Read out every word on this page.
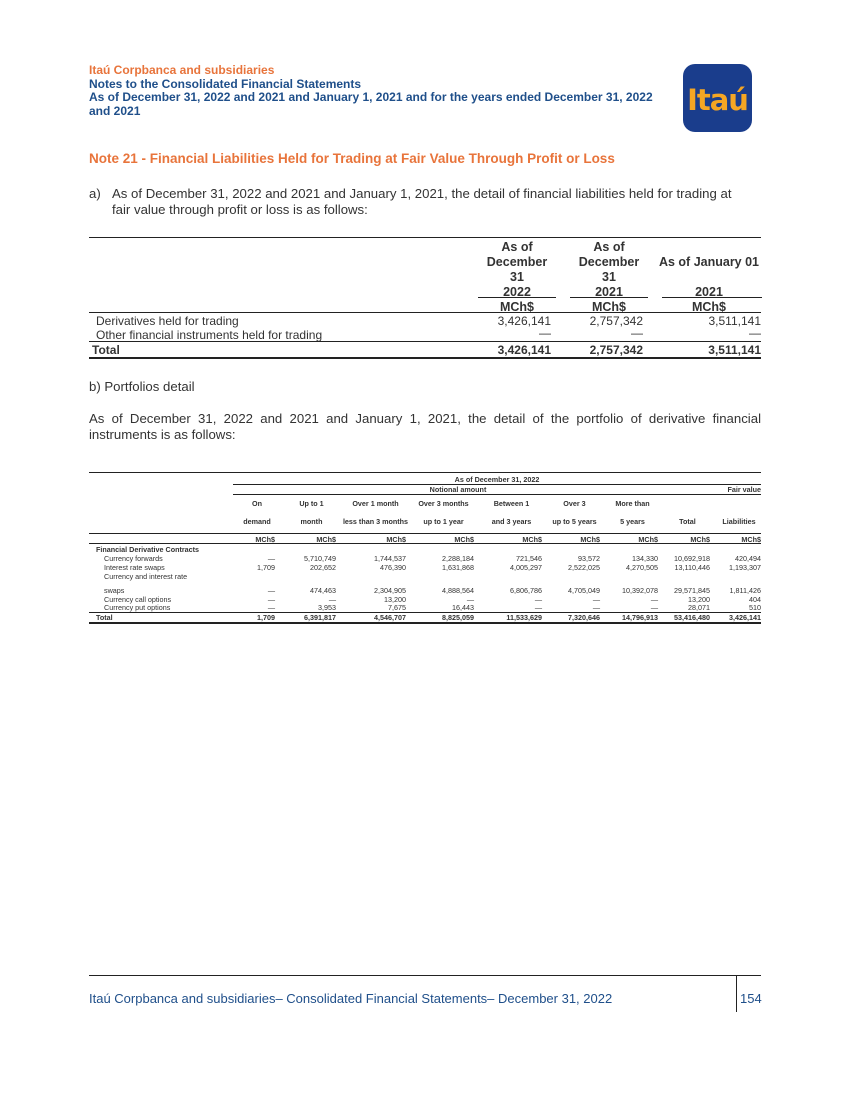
Itaú Corpbanca and subsidiaries
Notes to the Consolidated Financial Statements
As of December 31, 2022 and 2021 and January 1, 2021 and for the years ended December 31, 2022
and 2021	Itaú
Note 21 - Financial Liabilities Held for Trading at Fair Value Through Profit or Loss
a) As of December 31, 2022 and 2021 and January 1, 2021, the detail of financial liabilities held for trading at
fair value through profit or loss is as follows:
As of
December
31
2022
MCh$
As of
December
31
2021
MCh$
As of January 01
2021
MCh$
Derivatives held for trading	3,426,141	2,757,342	3,511,141
Other financial instruments held for trading	—	—	—
Total	3,426,141	2,757,342	3,511,141
b) Portfolios detail
As of December 31, 2022 and 2021 and January 1, 2021, the detail of the portfolio of derivative financial instruments is as follows:
As of December 31, 2022
Notional amount	Fair value
On
demand
MCh$
Up to 1
month
MCh$
Over 1 month
less than 3 months
MCh$
Over 3 months
up to 1 year
MCh$
Between 1
and 3 years
MCh$
Over 3
up to 5 years
MCh$
More than
5 years
MCh$
Total
MCh$
Liabilities
MCh$
Financial Derivative Contracts
Currency forwards	—	5,710,749	1,744,537	2,288,184	721,546	93,572	134,330	10,692,918	420,494
Interest rate swaps	1,709	202,652	476,390	1,631,868	4,005,297	2,522,025	4,270,505	13,110,446	1,193,307
Currency and interest rate
swaps	—	474,463	2,304,905	4,888,564	6,806,786	4,705,049	10,392,078	29,571,845	1,811,426
Currency call options	—	—	13,200	—	—	—	—	13,200	404
Currency put options	—	3,953	7,675	16,443	—	—	—	28,071	510
Total	1,709	6,391,817	4,546,707	8,825,059	11,533,629	7,320,646	14,796,913	53,416,480	3,426,141
Itaú Corpbanca and subsidiaries– Consolidated Financial Statements– December 31, 2022	154
